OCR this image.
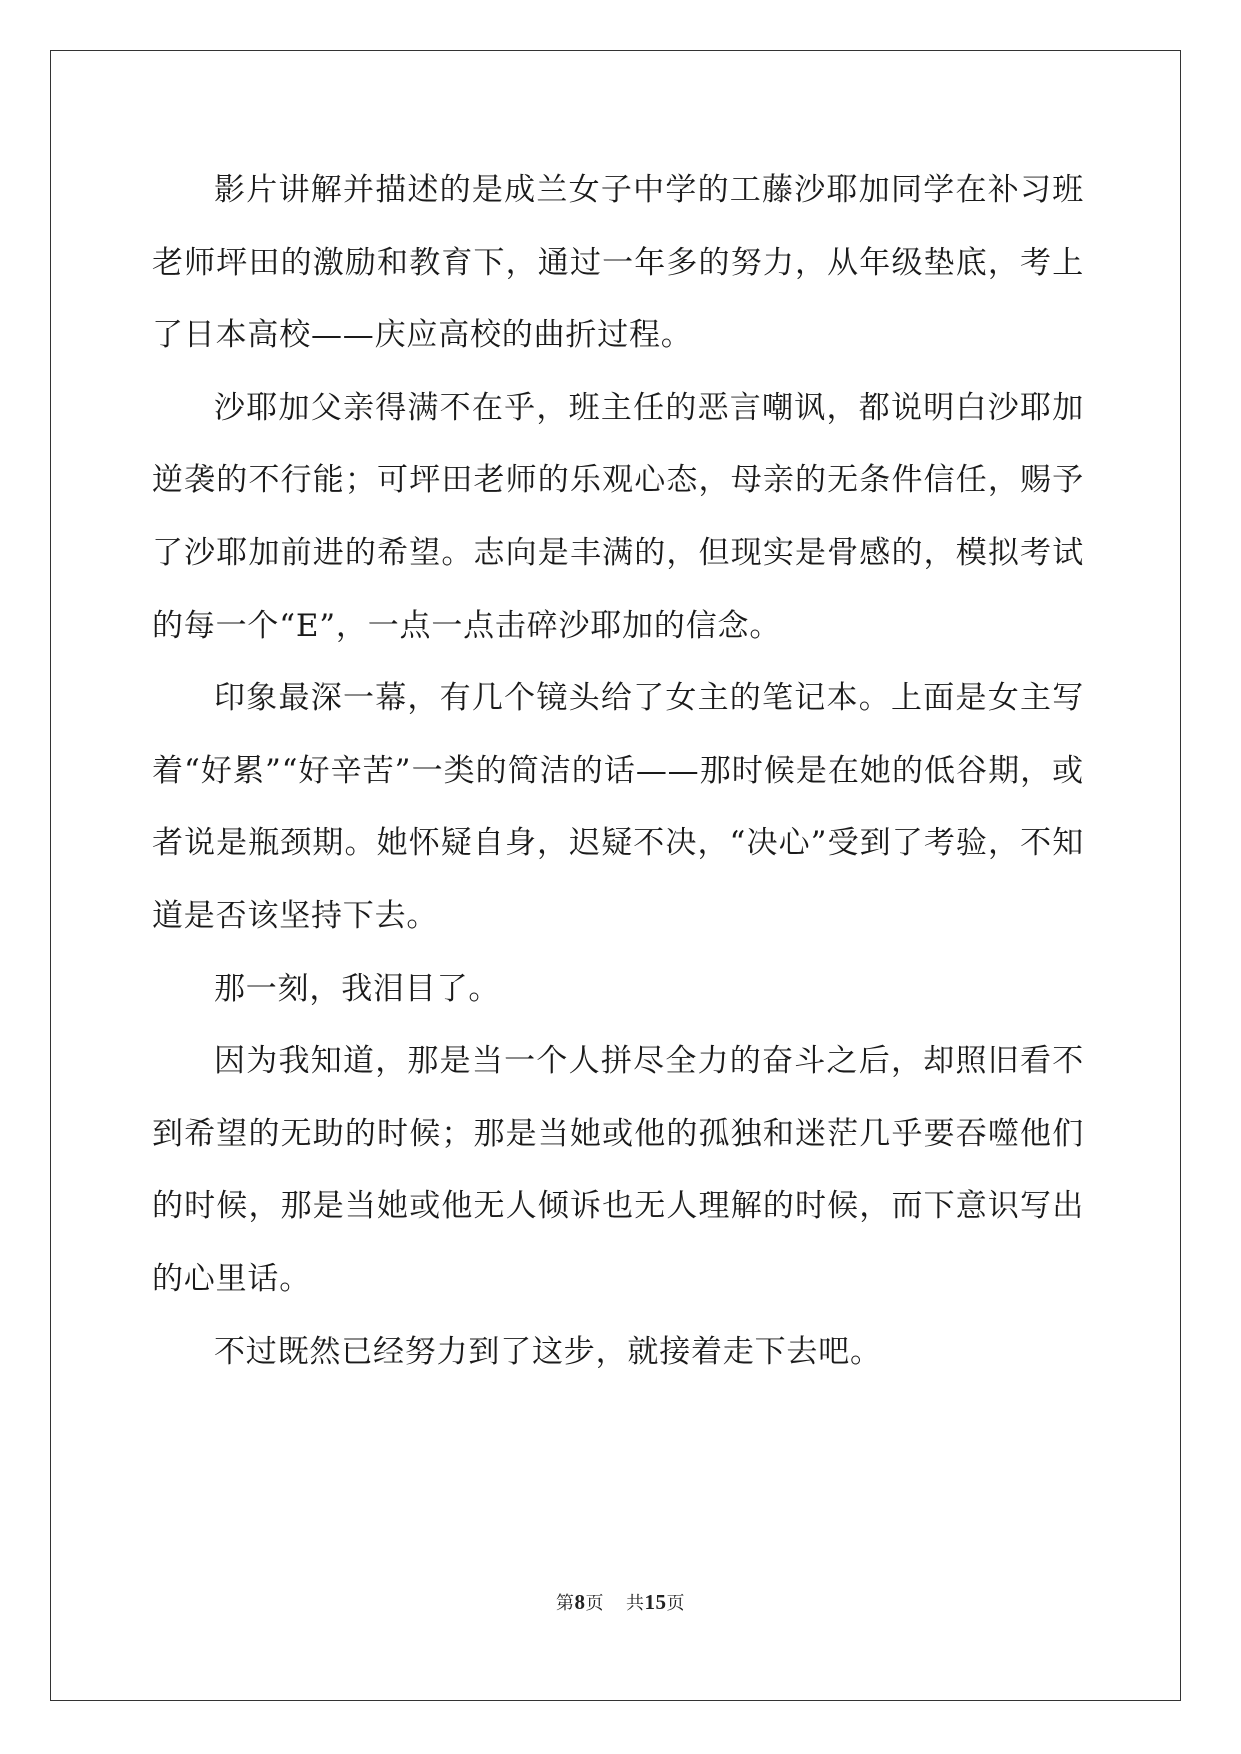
影片讲解并描述的是成兰女子中学的工藤沙耶加同学在补习班老师坪田的激励和教育下，通过一年多的努力，从年级垫底，考上了日本高校——庆应高校的曲折过程。

沙耶加父亲得满不在乎，班主任的恶言嘲讽，都说明白沙耶加逆袭的不行能；可坪田老师的乐观心态，母亲的无条件信任，赐予了沙耶加前进的希望。志向是丰满的，但现实是骨感的，模拟考试的每一个“E”，一点一点击碎沙耶加的信念。

印象最深一幕，有几个镜头给了女主的笔记本。上面是女主写着“好累”“好辛苦”一类的简洁的话——那时候是在她的低谷期，或者说是瓶颈期。她怀疑自身，迟疑不决，“决心”受到了考验，不知道是否该坚持下去。

那一刻，我泪目了。

因为我知道，那是当一个人拼尽全力的奋斗之后，却照旧看不到希望的无助的时候；那是当她或他的孤独和迷茫几乎要吞噬他们的时候，那是当她或他无人倾诉也无人理解的时候，而下意识写出的心里话。

不过既然已经努力到了这步，就接着走下去吧。

第8页 共15页
